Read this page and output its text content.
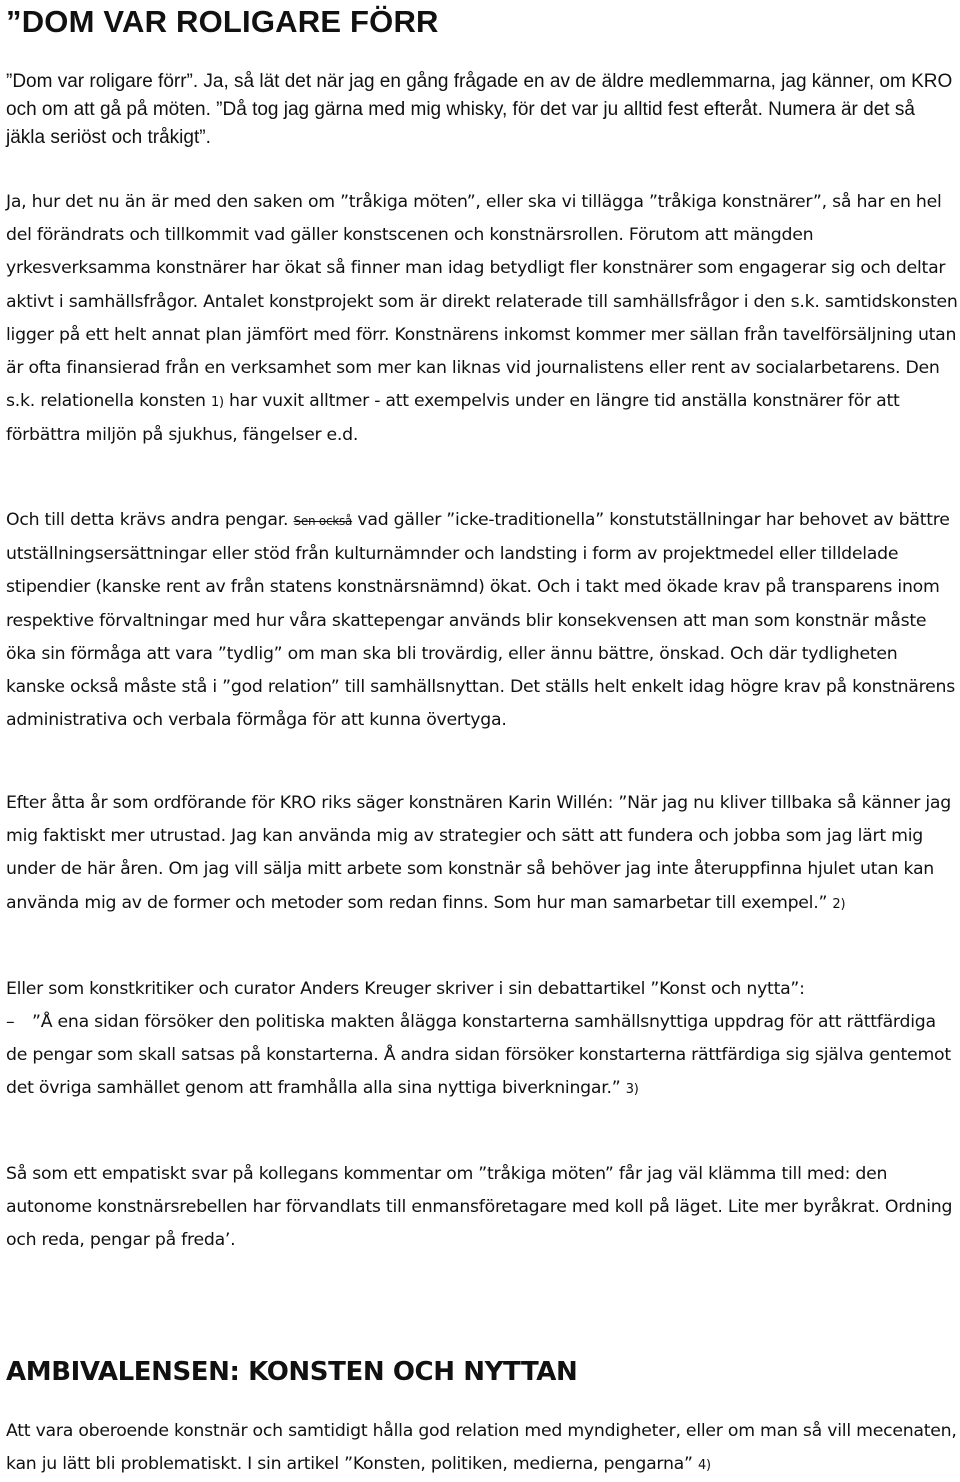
”DOM VAR ROLIGARE FÖRR

”Dom var roligare förr”. Ja, så lät det när jag en gång frågade en av de äldre medlemmarna, jag känner, om KRO och om att gå på möten. ”Då tog jag gärna med mig whisky, för det var ju alltid fest efteråt. Numera är det så jäkla seriöst och tråkigt”.

Ja, hur det nu än är med den saken om ”tråkiga möten”, eller ska vi tillägga ”tråkiga konstnärer”, så har en hel del förändrats och tillkommit vad gäller konstscenen och konstnärsrollen. Förutom att mängden yrkesverksamma konstnärer har ökat så finner man idag betydligt fler konstnärer som engagerar sig och deltar aktivt i samhällsfrågor. Antalet konstprojekt som är direkt relaterade till samhällsfrågor i den s.k. samtidskonsten ligger på ett helt annat plan jämfört med förr. Konstnärens inkomst kommer mer sällan från tavelförsäljning utan är ofta finansierad från en verksamhet som mer kan liknas vid journalistens eller rent av socialarbetarens. Den s.k. relationella konsten 1) har vuxit alltmer - att exempelvis under en längre tid anställa konstnärer för att förbättra miljön på sjukhus, fängelser e.d.

Och till detta krävs andra pengar. Sen också vad gäller ”icke-traditionella” konstutställningar har behovet av bättre utställningsersättningar eller stöd från kulturnämnder och landsting i form av projektmedel eller tilldelade stipendier (kanske rent av från statens konstnärsnämnd) ökat. Och i takt med ökade krav på transparens inom respektive förvaltningar med hur våra skattepengar används blir konsekvensen att man som konstnär måste öka sin förmåga att vara ”tydlig” om man ska bli trovärdig, eller ännu bättre, önskad. Och där tydligheten kanske också måste stå i ”god relation” till samhällsnyttan. Det ställs helt enkelt idag högre krav på konstnärens administrativa och verbala förmåga för att kunna övertyga.

Efter åtta år som ordförande för KRO riks säger konstnären Karin Willén: ”När jag nu kliver tillbaka så känner jag mig faktiskt mer utrustad. Jag kan använda mig av strategier och sätt att fundera och jobba som jag lärt mig under de här åren. Om jag vill sälja mitt arbete som konstnär så behöver jag inte återuppfinna hjulet utan kan använda mig av de former och metoder som redan finns. Som hur man samarbetar till exempel.” 2)

Eller som konstkritiker och curator Anders Kreuger skriver i sin debattartikel ”Konst och nytta”:

– ”Å ena sidan försöker den politiska makten ålägga konstarterna samhällsnyttiga uppdrag för att rättfärdiga de pengar som skall satsas på konstarterna. Å andra sidan försöker konstarterna rättfärdiga sig själva gentemot det övriga samhället genom att framhålla alla sina nyttiga biverkningar.” 3)

Så som ett empatiskt svar på kollegans kommentar om ”tråkiga möten” får jag väl klämma till med: den autonome konstnärsrebellen har förvandlats till enmansföretagare med koll på läget. Lite mer byråkrat. Ordning och reda, pengar på freda’.

AMBIVALENSEN: KONSTEN OCH NYTTAN

Att vara oberoende konstnär och samtidigt hålla god relation med myndigheter, eller om man så vill mecenaten, kan ju lätt bli problematiskt. I sin artikel ”Konsten, politiken, medierna, pengarna” 4)
